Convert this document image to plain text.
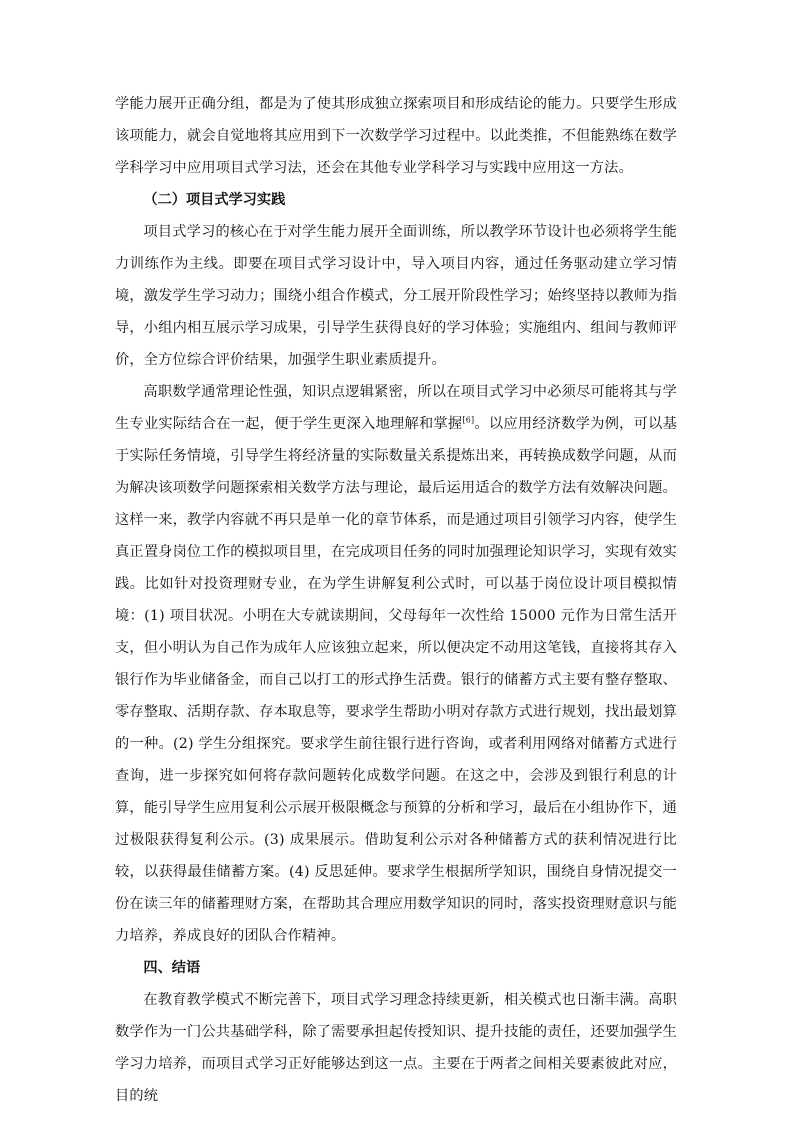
学能力展开正确分组，都是为了使其形成独立探索项目和形成结论的能力。只要学生形成该项能力，就会自觉地将其应用到下一次数学学习过程中。以此类推，不但能熟练在数学学科学习中应用项目式学习法，还会在其他专业学科学习与实践中应用这一方法。

（二）项目式学习实践

项目式学习的核心在于对学生能力展开全面训练，所以教学环节设计也必须将学生能力训练作为主线。即要在项目式学习设计中，导入项目内容，通过任务驱动建立学习情境，激发学生学习动力；围绕小组合作模式，分工展开阶段性学习；始终坚持以教师为指导，小组内相互展示学习成果，引导学生获得良好的学习体验；实施组内、组间与教师评价，全方位综合评价结果，加强学生职业素质提升。

高职数学通常理论性强，知识点逻辑紧密，所以在项目式学习中必须尽可能将其与学生专业实际结合在一起，便于学生更深入地理解和掌握[6]。以应用经济数学为例，可以基于实际任务情境，引导学生将经济量的实际数量关系提炼出来，再转换成数学问题，从而为解决该项数学问题探索相关数学方法与理论，最后运用适合的数学方法有效解决问题。这样一来，教学内容就不再只是单一化的章节体系，而是通过项目引领学习内容，使学生真正置身岗位工作的模拟项目里，在完成项目任务的同时加强理论知识学习，实现有效实践。比如针对投资理财专业，在为学生讲解复利公式时，可以基于岗位设计项目模拟情境：(1) 项目状况。小明在大专就读期间，父母每年一次性给 15000 元作为日常生活开支，但小明认为自己作为成年人应该独立起来，所以便决定不动用这笔钱，直接将其存入银行作为毕业储备金，而自己以打工的形式挣生活费。银行的储蓄方式主要有整存整取、零存整取、活期存款、存本取息等，要求学生帮助小明对存款方式进行规划，找出最划算的一种。(2) 学生分组探究。要求学生前往银行进行咨询，或者利用网络对储蓄方式进行查询，进一步探究如何将存款问题转化成数学问题。在这之中，会涉及到银行利息的计算，能引导学生应用复利公示展开极限概念与预算的分析和学习，最后在小组协作下，通过极限获得复利公示。(3) 成果展示。借助复利公示对各种储蓄方式的获利情况进行比较，以获得最佳储蓄方案。(4) 反思延伸。要求学生根据所学知识，围绕自身情况提交一份在读三年的储蓄理财方案，在帮助其合理应用数学知识的同时，落实投资理财意识与能力培养，养成良好的团队合作精神。

四、结语

在教育教学模式不断完善下，项目式学习理念持续更新，相关模式也日渐丰满。高职数学作为一门公共基础学科，除了需要承担起传授知识、提升技能的责任，还要加强学生学习力培养，而项目式学习正好能够达到这一点。主要在于两者之间相关要素彼此对应，目的统
